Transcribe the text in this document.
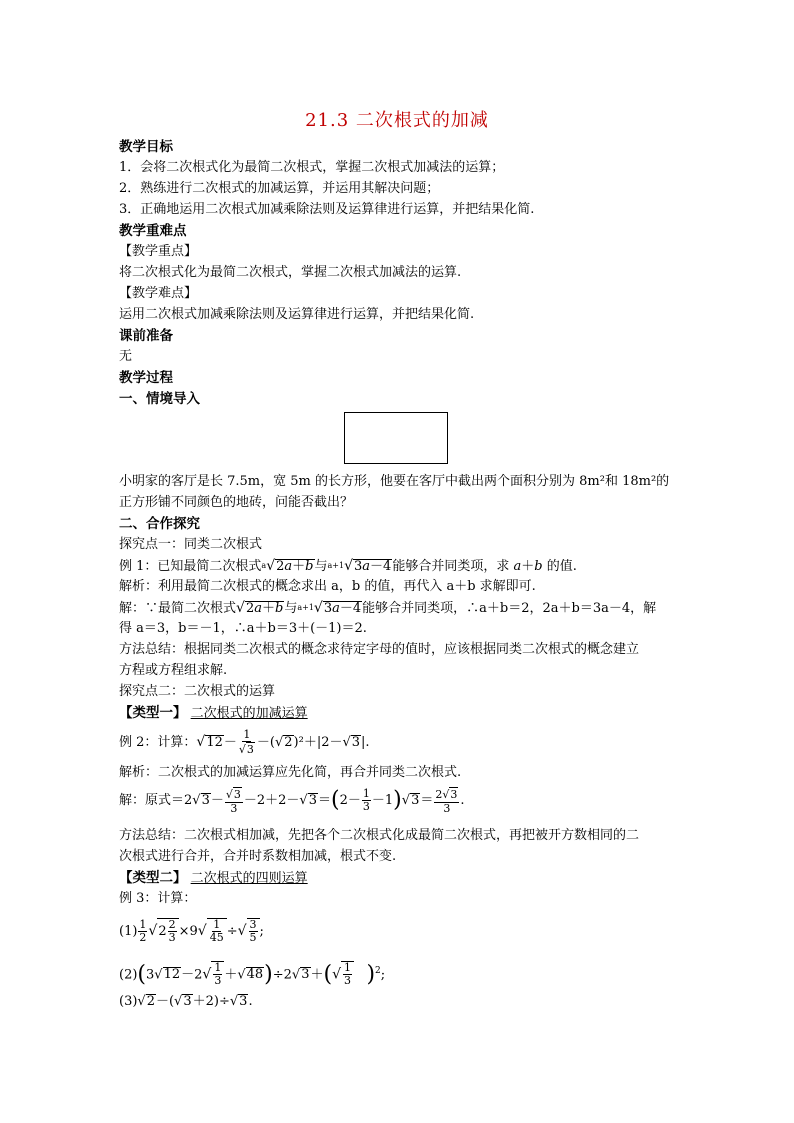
21.3 二次根式的加减
教学目标
1．会将二次根式化为最简二次根式，掌握二次根式加减法的运算；
2．熟练进行二次根式的加减运算，并运用其解决问题；
3．正确地运用二次根式加减乘除法则及运算律进行运算，并把结果化简.
教学重难点
【教学重点】
将二次根式化为最简二次根式，掌握二次根式加减法的运算.
【教学难点】
运用二次根式加减乘除法则及运算律进行运算，并把结果化简.
课前准备
无
教学过程
一、情境导入
小明家的客厅是长 7.5m，宽 5m 的长方形，他要在客厅中截出两个面积分别为 8m²和 18m²的
正方形铺不同颜色的地砖，问能否截出？
二、合作探究
探究点一：同类二次根式
例 1：已知最简二次根式$^a$√2a＋b与$^{a+1}$√3a－4能够合并同类项，求 a＋b 的值.
解析：利用最简二次根式的概念求出 a，b 的值，再代入 a＋b 求解即可.
解：∵最简二次根式√2a＋b与$^{a+1}$√3a－4能够合并同类项，∴a＋b＝2，2a＋b＝3a－4，解
得 a＝3，b＝－1，∴a＋b＝3＋(－1)＝2.
方法总结：根据同类二次根式的概念求待定字母的值时，应该根据同类二次根式的概念建立
方程或方程组求解.
探究点二：二次根式的运算
【类型一】 二次根式的加减运算
例 2：计算：$√12- \frac{1}{√3} -(√2)^2+|2-√3|$.
解析：二次根式的加减运算应先化简，再合并同类二次根式.
解：原式$=2√3- \frac{√3}{3} -2+2-√3=(2- \frac{1}{3} -1)√3= \frac{2√3}{3}$ .
方法总结：二次根式相加减，先把各个二次根式化成最简二次根式，再把被开方数相同的二
次根式进行合并，合并时系数相加减，根式不变.
【类型二】 二次根式的四则运算
例 3：计算：
$(1) \frac{1}{2} √2 \frac{2}{3} \times 9√ \frac{1}{45}$ ÷√ $\frac{3}{5}$ ;
$(2)(3√12-2√ \frac{1}{3} +√48)\div 2√3+(√ \frac{1}{3} )^2$;
(3)√2－(√3＋2)÷√3.
